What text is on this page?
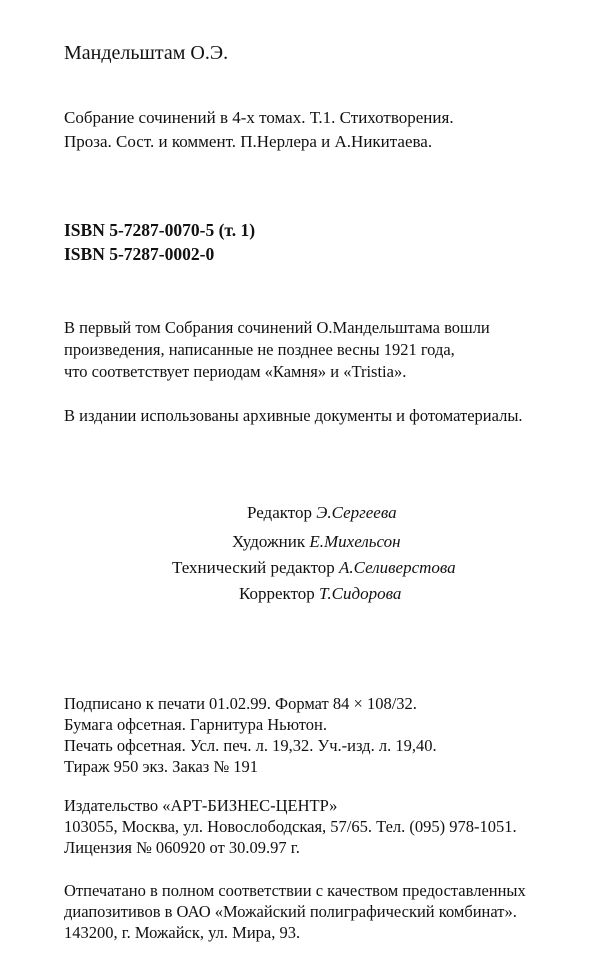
Мандельштам О.Э.
Собрание сочинений в 4-х томах. Т.1. Стихотворения.
Проза. Сост. и коммент. П.Нерлера и А.Никитаева.
ISBN 5-7287-0070-5 (т. 1)
ISBN 5-7287-0002-0
В первый том Собрания сочинений О.Мандельштама вошли
произведения, написанные не позднее весны 1921 года,
что соответствует периодам «Камня» и «Tristia».
В издании использованы архивные документы и фотоматериалы.
Редактор Э.Сергеева
Художник Е.Михельсон
Технический редактор А.Селиверстова
Корректор Т.Сидорова
Подписано к печати 01.02.99. Формат 84 × 108/32.
Бумага офсетная. Гарнитура Ньютон.
Печать офсетная. Усл. печ. л. 19,32. Уч.-изд. л. 19,40.
Тираж 950 экз. Заказ № 191
Издательство «АРТ-БИЗНЕС-ЦЕНТР»
103055, Москва, ул. Новослободская, 57/65. Тел. (095) 978-1051.
Лицензия № 060920 от 30.09.97 г.
Отпечатано в полном соответствии с качеством предоставленных
диапозитивов в ОАО «Можайский полиграфический комбинат».
143200, г. Можайск, ул. Мира, 93.
